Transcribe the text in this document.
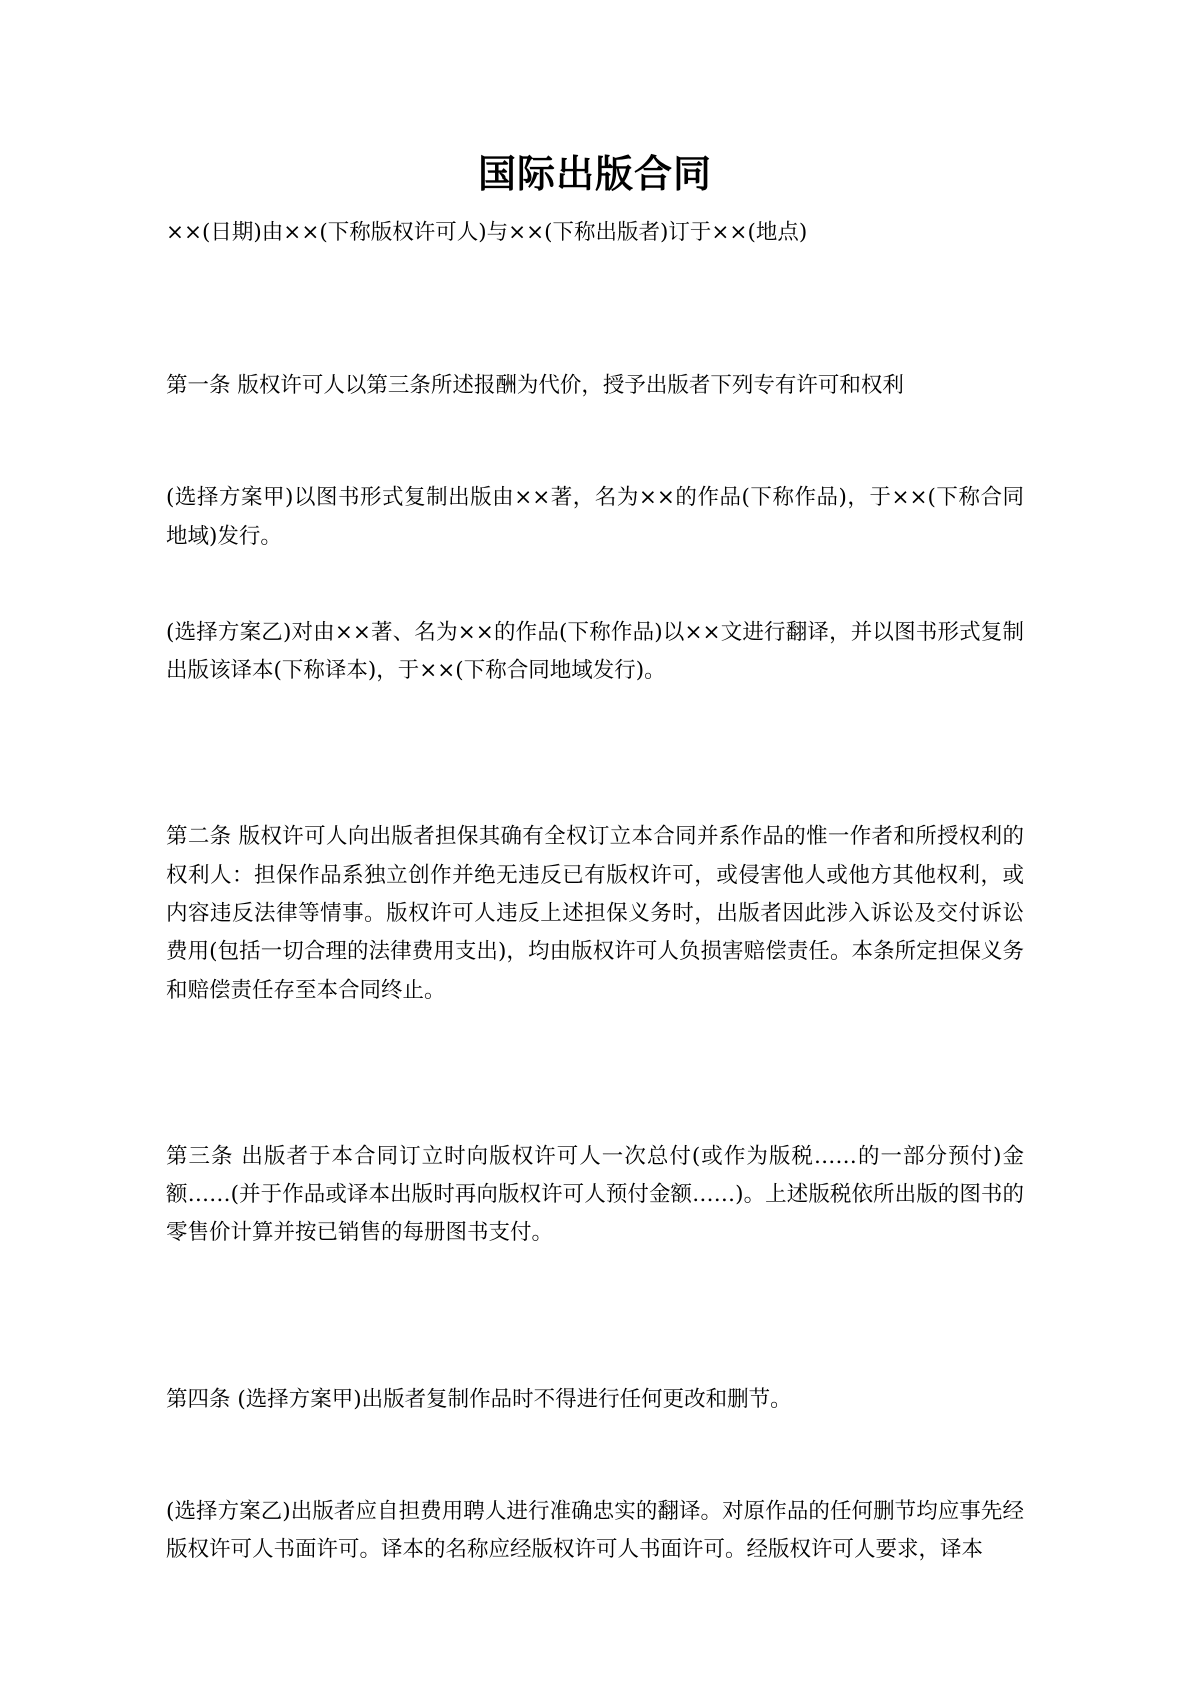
国际出版合同

××(日期)由××(下称版权许可人)与××(下称出版者)订于××(地点)

第一条 版权许可人以第三条所述报酬为代价，授予出版者下列专有许可和权利

(选择方案甲)以图书形式复制出版由××著，名为××的作品(下称作品)，于××(下称合同地域)发行。

(选择方案乙)对由××著、名为××的作品(下称作品)以××文进行翻译，并以图书形式复制出版该译本(下称译本)，于××(下称合同地域发行)。

第二条 版权许可人向出版者担保其确有全权订立本合同并系作品的惟一作者和所授权利的权利人：担保作品系独立创作并绝无违反已有版权许可，或侵害他人或他方其他权利，或内容违反法律等情事。版权许可人违反上述担保义务时，出版者因此涉入诉讼及交付诉讼费用(包括一切合理的法律费用支出)，均由版权许可人负损害赔偿责任。本条所定担保义务和赔偿责任存至本合同终止。

第三条 出版者于本合同订立时向版权许可人一次总付(或作为版税……的一部分预付)金额……(并于作品或译本出版时再向版权许可人预付金额……)。上述版税依所出版的图书的零售价计算并按已销售的每册图书支付。

第四条 (选择方案甲)出版者复制作品时不得进行任何更改和删节。

(选择方案乙)出版者应自担费用聘人进行准确忠实的翻译。对原作品的任何删节均应事先经版权许可人书面许可。译本的名称应经版权许可人书面许可。经版权许可人要求，译本
